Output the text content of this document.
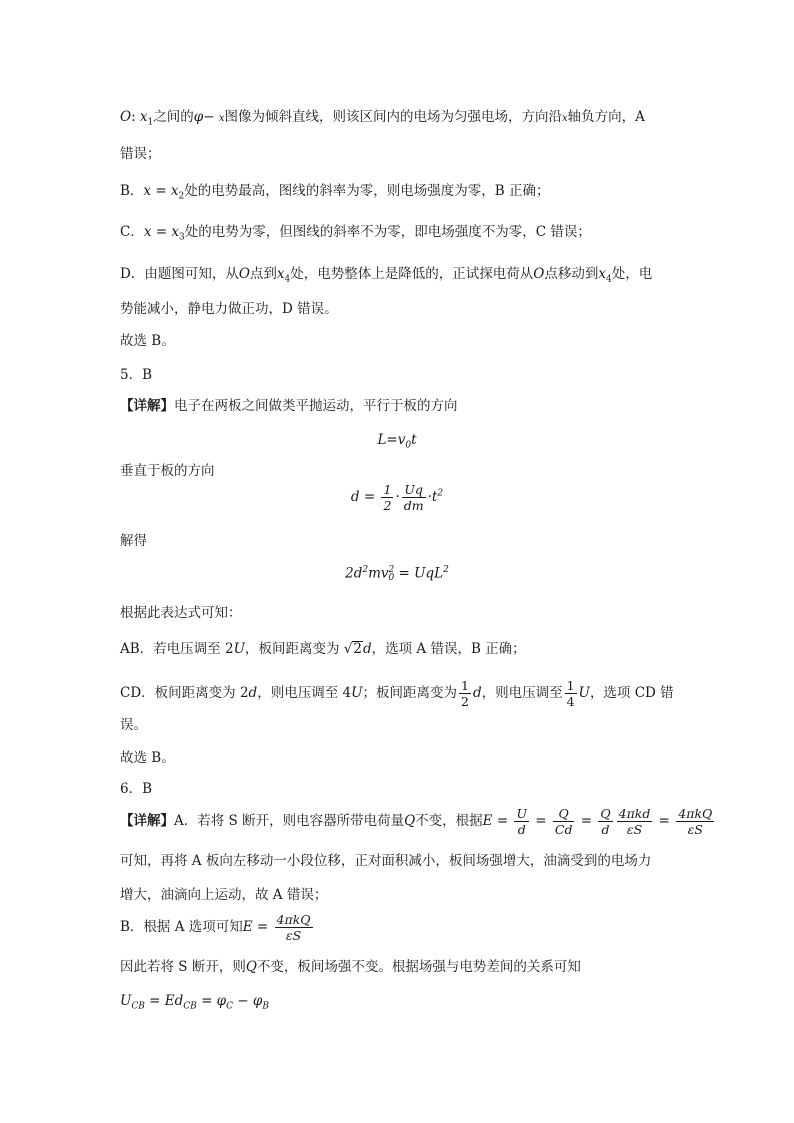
O: $x_1$之间的φ− x图像为倾斜直线，则该区间内的电场为匀强电场，方向沿x轴负方向，A
错误；
B．$x = x_2$处的电势最高，图线的斜率为零，则电场强度为零，B 正确；
C．$x = x_3$处的电势为零，但图线的斜率不为零，即电场强度不为零，C 错误；
D．由题图可知，从O点到$x_4$处，电势整体上是降低的，正试探电荷从O点移动到$x_4$处，电
势能减小，静电力做正功，D 错误。
故选 B。
5．B
【详解】电子在两板之间做类平抛运动，平行于板的方向
$L=v_0t$
垂直于板的方向
$d = \frac{1}{2} \cdot \frac{Uq}{dm} \cdot t^2$
解得
$2d^2mv$ 2
0 = UqL$^2$
根据此表达式可知：
AB．若电压调至 2U，板间距离变为 √2d，选项 A 错误，B 正确；
CD．板间距离变为 2d，则电压调至 4U；板间距离变为 $\frac{1}{2}$ d，则电压调至 $\frac{1}{4}$ U，选项 CD 错
误。
故选 B。
6．B
【详解】A．若将 S 断开，则电容器所带电荷量Q不变，根据$E = \frac{U}{d} = \frac{Q}{Cd} = \frac{Q}{d} \frac{\text{4πkd}}{\varepsilon S} = \frac{\text{4πkQ}}{\varepsilon S}$
可知，再将 A 板向左移动一小段位移，正对面积减小，板间场强增大，油滴受到的电场力
增大，油滴向上运动，故 A 错误；
B．根据 A 选项可知$E = \frac{\text{4πkQ}}{\varepsilon S}$
因此若将 S 断开，则Q不变，板间场强不变。根据场强与电势差间的关系可知
$U_{CB} = Ed_{CB} = \varphi_C - \varphi_B$
